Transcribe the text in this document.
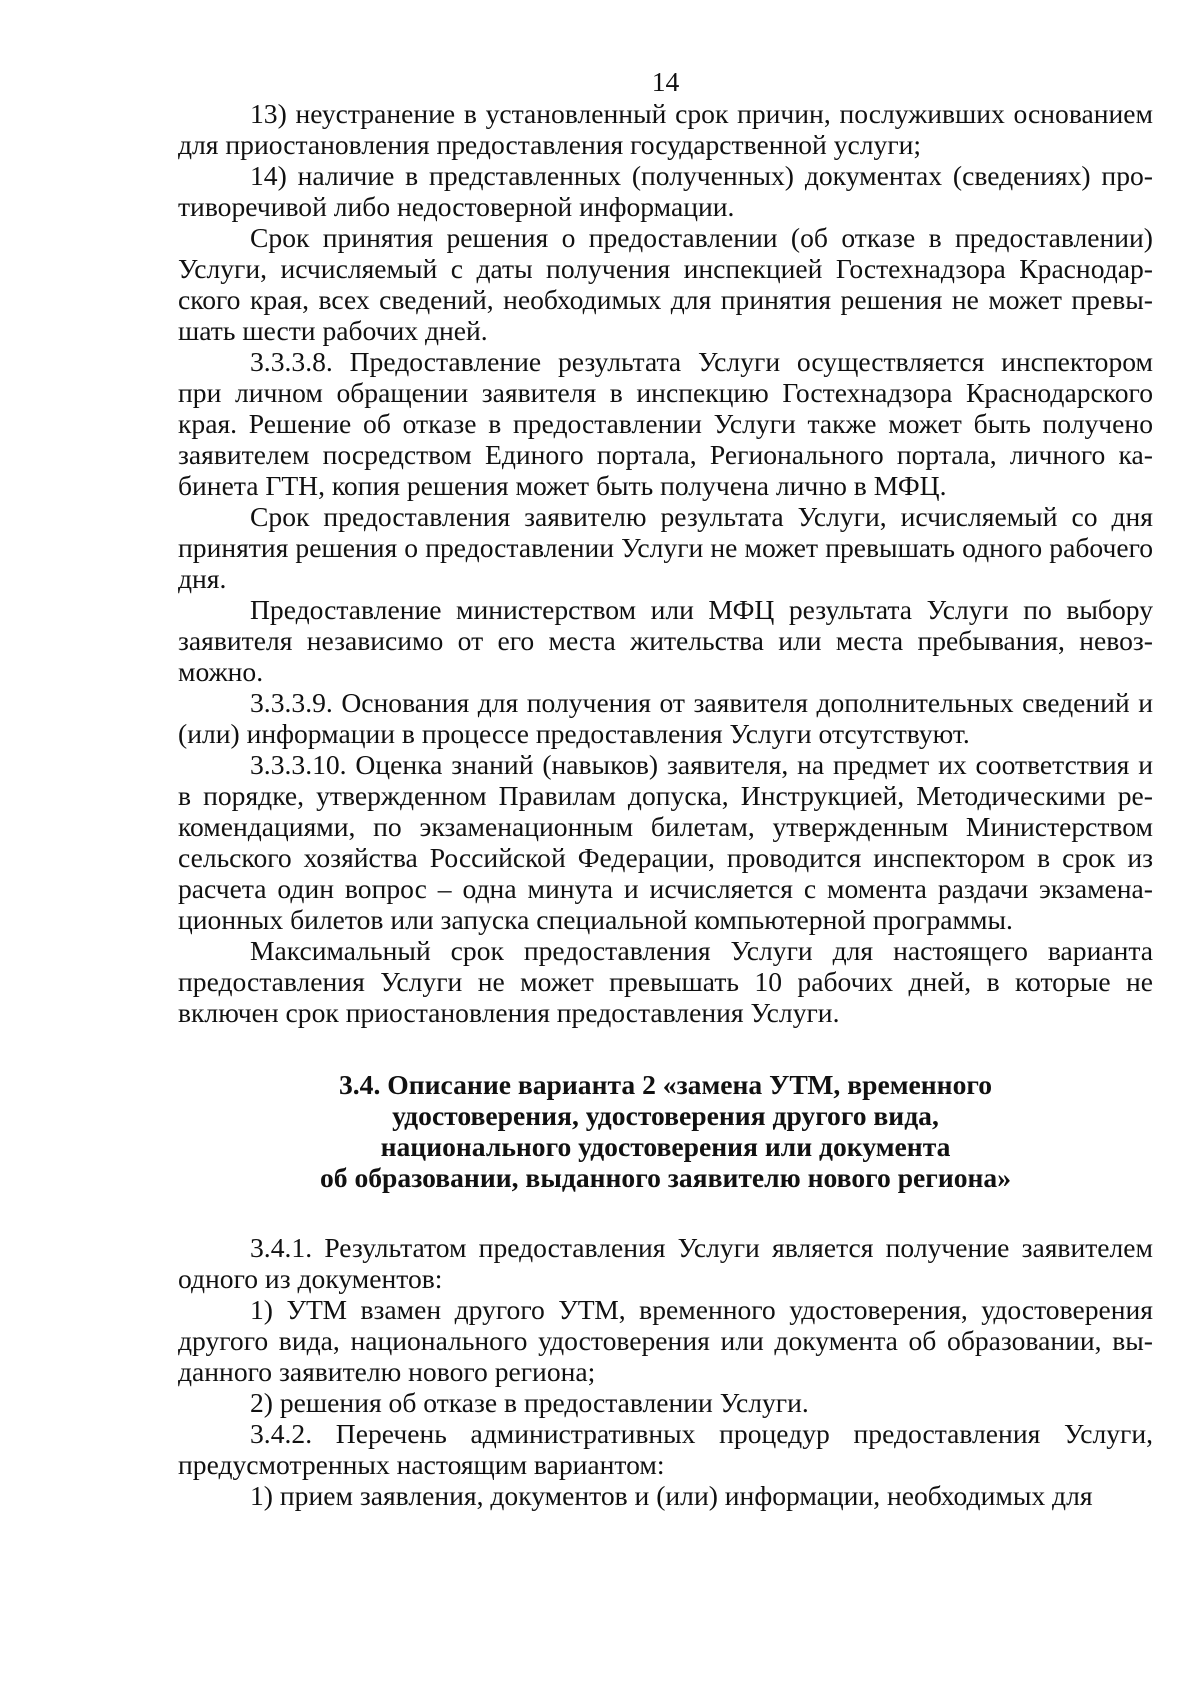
14

13) неустранение в установленный срок причин, послуживших основанием для приостановления предоставления государственной услуги;

14) наличие в представленных (полученных) документах (сведениях) противоречивой либо недостоверной информации.

Срок принятия решения о предоставлении (об отказе в предоставлении) Услуги, исчисляемый с даты получения инспекцией Гостехнадзора Краснодарского края, всех сведений, необходимых для принятия решения не может превышать шести рабочих дней.

3.3.3.8. Предоставление результата Услуги осуществляется инспектором при личном обращении заявителя в инспекцию Гостехнадзора Краснодарского края. Решение об отказе в предоставлении Услуги также может быть получено заявителем посредством Единого портала, Регионального портала, личного кабинета ГТН, копия решения может быть получена лично в МФЦ.

Срок предоставления заявителю результата Услуги, исчисляемый со дня принятия решения о предоставлении Услуги не может превышать одного рабочего дня.

Предоставление министерством или МФЦ результата Услуги по выбору заявителя независимо от его места жительства или места пребывания, невозможно.

3.3.3.9. Основания для получения от заявителя дополнительных сведений и (или) информации в процессе предоставления Услуги отсутствуют.

3.3.3.10. Оценка знаний (навыков) заявителя, на предмет их соответствия и в порядке, утвержденном Правилам допуска, Инструкцией, Методическими рекомендациями, по экзаменационным билетам, утвержденным Министерством сельского хозяйства Российской Федерации, проводится инспектором в срок из расчета один вопрос – одна минута и исчисляется с момента раздачи экзаменационных билетов или запуска специальной компьютерной программы.

Максимальный срок предоставления Услуги для настоящего варианта предоставления Услуги не может превышать 10 рабочих дней, в которые не включен срок приостановления предоставления Услуги.

3.4. Описание варианта 2 «замена УТМ, временного
удостоверения, удостоверения другого вида,
национального удостоверения или документа
об образовании, выданного заявителю нового региона»

3.4.1. Результатом предоставления Услуги является получение заявителем одного из документов:

1) УТМ взамен другого УТМ, временного удостоверения, удостоверения другого вида, национального удостоверения или документа об образовании, выданного заявителю нового региона;

2) решения об отказе в предоставлении Услуги.

3.4.2. Перечень административных процедур предоставления Услуги, предусмотренных настоящим вариантом:

1) прием заявления, документов и (или) информации, необходимых для
